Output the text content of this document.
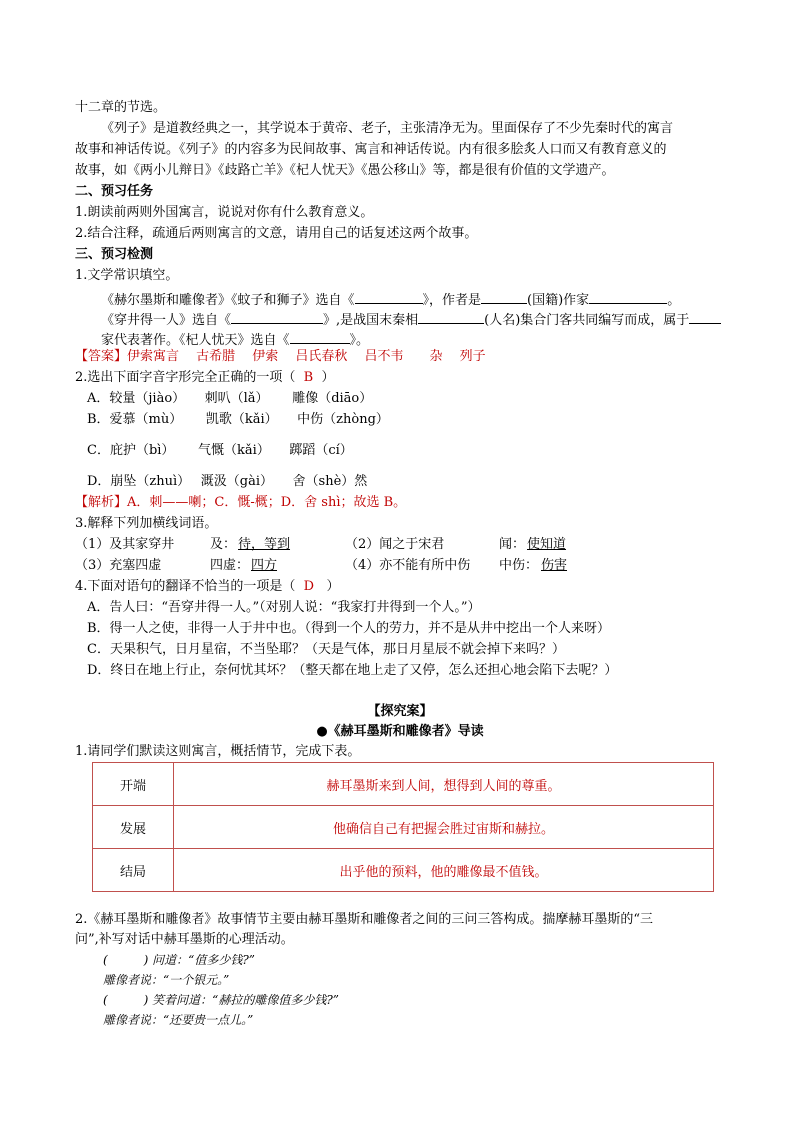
十二章的节选。
《列子》是道教经典之一，其学说本于黄帝、老子，主张清净无为。里面保存了不少先秦时代的寓言
故事和神话传说。《列子》的内容多为民间故事、寓言和神话传说。内有很多脍炙人口而又有教育意义的
故事，如《两小儿辩日》《歧路亡羊》《杞人忧天》《愚公移山》等，都是很有价值的文学遗产。
二、预习任务
1.朗读前两则外国寓言，说说对你有什么教育意义。
2.结合注释，疏通后两则寓言的文意，请用自己的话复述这两个故事。
三、预习检测
1.文学常识填空。
《赫尔墨斯和雕像者》《蚊子和狮子》选自《	》，作者是	(国籍)作家	。
《穿井得一人》选自《	》,是战国末秦相	(人名)集合门客共同编写而成，属于
家代表著作。《杞人忧天》选自《	》。
【答案】伊索寓言　 古希腊　 伊索　 吕氏春秋　 吕不韦　　杂　 列子
2.选出下面字音字形完全正确的一项（ B ）
A．较量（jiào）　　刺叭（lǎ）　　 雕像（diāo）
B．爱慕（mù）　　 凯歌（kǎi）　　中伤（zhòng）
C．庇护（bì）　　 气慨（kǎi）　　踯蹈（cí）
D．崩坠（zhuì）　 溉汲（gài）　　舍（shè）然
【解析】A．刺——喇；C．慨-概；D．舍 shì；故选 B。
3.解释下列加横线词语。
（1）及其家穿井	及： 待，等到	（2）闻之于宋君	闻： 使知道
（3）充塞四虚	四虚： 四方	（4）亦不能有所中伤 中伤： 伤害
4.下面对语句的翻译不恰当的一项是（ D ）
A．告人曰：“吾穿井得一人。”（对别人说：“我家打井得到一个人。”）
B．得一人之使，非得一人于井中也。（得到一个人的劳力，并不是从井中挖出一个人来呀）
C．天果积气，日月星宿，不当坠耶？（天是气体，那日月星辰不就会掉下来吗？）
D．终日在地上行止，奈何忧其坏？（整天都在地上走了又停，怎么还担心地会陷下去呢？）
【探究案】
●《赫耳墨斯和雕像者》导读
1.请同学们默读这则寓言，概括情节，完成下表。
开端	赫耳墨斯来到人间，想得到人间的尊重。
发展	他确信自己有把握会胜过宙斯和赫拉。
结局	出乎他的预料，他的雕像最不值钱。
2.《赫耳墨斯和雕像者》故事情节主要由赫耳墨斯和雕像者之间的三问三答构成。揣摩赫耳墨斯的“三
问”,补写对话中赫耳墨斯的心理活动。
(　　　) 问道：“值多少钱?”
雕像者说：“一个银元。”
(　　　) 笑着问道：“赫拉的雕像值多少钱?”
雕像者说：“还要贵一点儿。”
